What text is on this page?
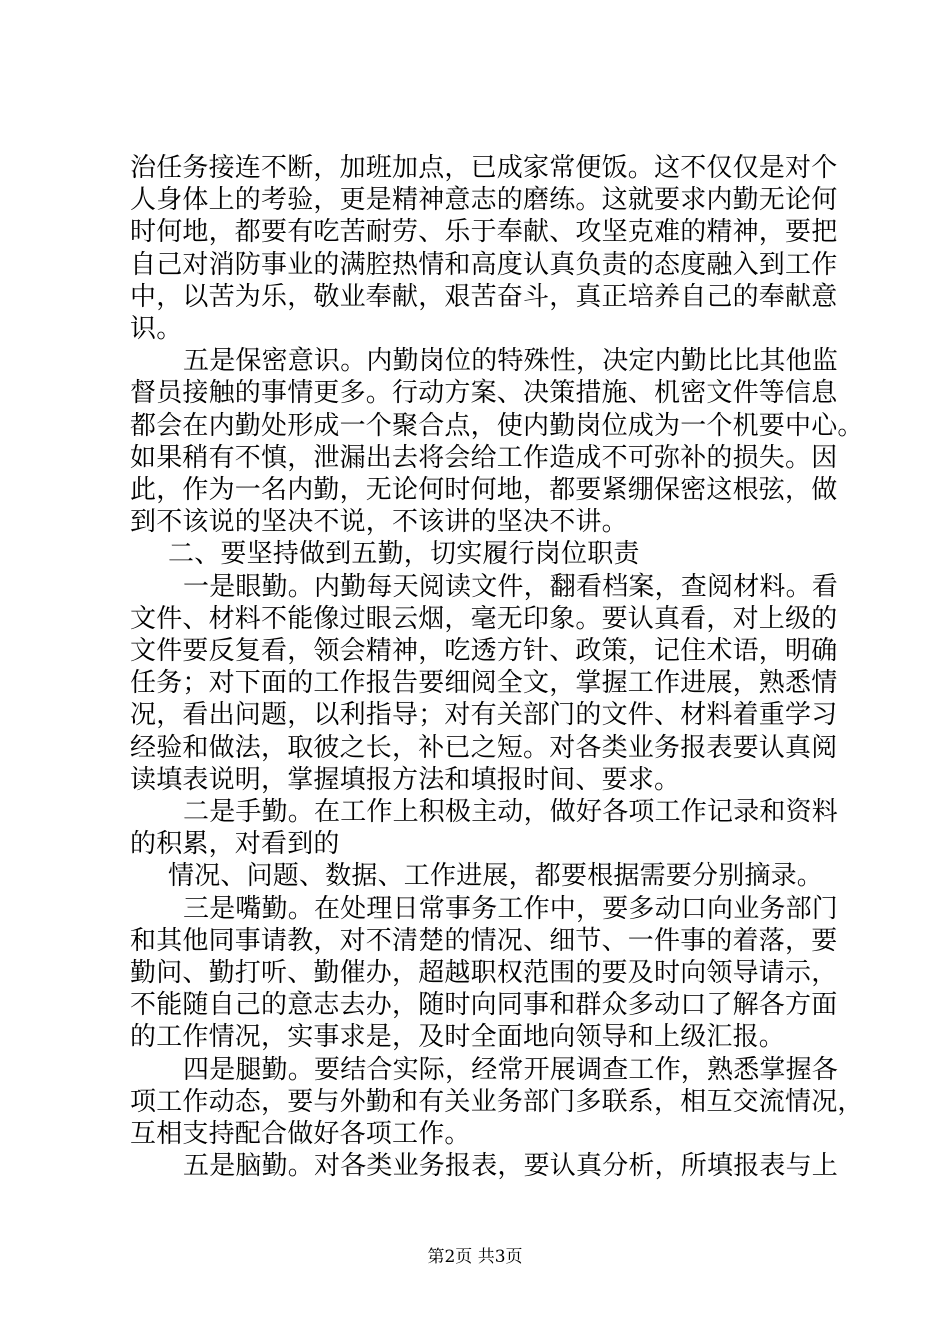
治任务接连不断，加班加点，已成家常便饭。这不仅仅是对个
人身体上的考验，更是精神意志的磨练。这就要求内勤无论何
时何地，都要有吃苦耐劳、乐于奉献、攻坚克难的精神，要把
自己对消防事业的满腔热情和高度认真负责的态度融入到工作
中，以苦为乐，敬业奉献，艰苦奋斗，真正培养自己的奉献意
识。
五是保密意识。内勤岗位的特殊性，决定内勤比比其他监
督员接触的事情更多。行动方案、决策措施、机密文件等信息
都会在内勤处形成一个聚合点，使内勤岗位成为一个机要中心。
如果稍有不慎，泄漏出去将会给工作造成不可弥补的损失。因
此，作为一名内勤，无论何时何地，都要紧绷保密这根弦，做
到不该说的坚决不说，不该讲的坚决不讲。
二、要坚持做到五勤，切实履行岗位职责
一是眼勤。内勤每天阅读文件，翻看档案，查阅材料。看
文件、材料不能像过眼云烟，毫无印象。要认真看，对上级的
文件要反复看，领会精神，吃透方针、政策，记住术语，明确
任务；对下面的工作报告要细阅全文，掌握工作进展，熟悉情
况，看出问题，以利指导；对有关部门的文件、材料着重学习
经验和做法，取彼之长，补已之短。对各类业务报表要认真阅
读填表说明，掌握填报方法和填报时间、要求。
二是手勤。在工作上积极主动，做好各项工作记录和资料
的积累，对看到的
情况、问题、数据、工作进展，都要根据需要分别摘录。
三是嘴勤。在处理日常事务工作中，要多动口向业务部门
和其他同事请教，对不清楚的情况、细节、一件事的着落，要
勤问、勤打听、勤催办，超越职权范围的要及时向领导请示，
不能随自己的意志去办，随时向同事和群众多动口了解各方面
的工作情况，实事求是，及时全面地向领导和上级汇报。
四是腿勤。要结合实际，经常开展调查工作，熟悉掌握各
项工作动态，要与外勤和有关业务部门多联系，相互交流情况，
互相支持配合做好各项工作。
五是脑勤。对各类业务报表，要认真分析，所填报表与上
第2页 共3页
